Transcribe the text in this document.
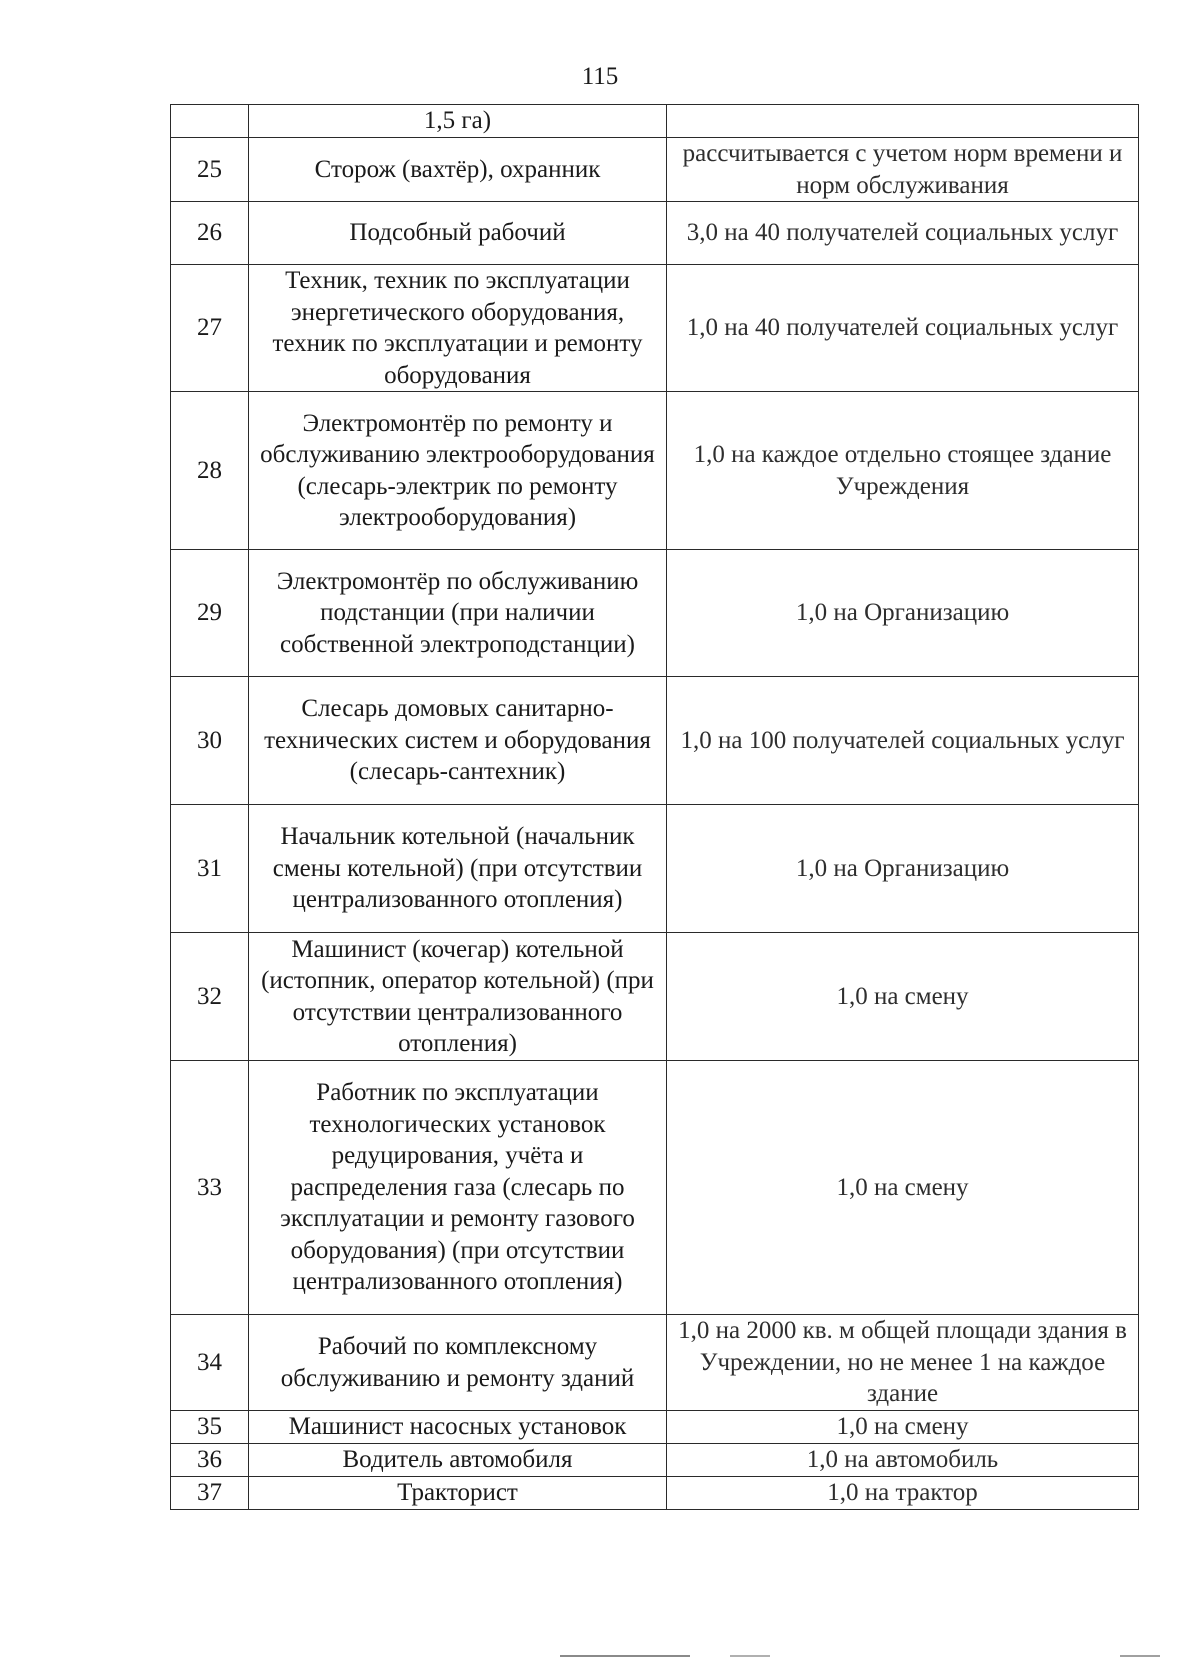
115
	1,5 га)	
25	Сторож (вахтёр), охранник	рассчитывается с учетом норм времени и норм обслуживания
26	Подсобный рабочий	3,0 на 40 получателей социальных услуг
27	Техник, техник по эксплуатации энергетического оборудования, техник по эксплуатации и ремонту оборудования	1,0 на 40 получателей социальных услуг
28	Электромонтёр по ремонту и обслуживанию электрооборудования (слесарь-электрик по ремонту электрооборудования)	1,0 на каждое отдельно стоящее здание Учреждения
29	Электромонтёр по обслуживанию подстанции (при наличии собственной электроподстанции)	1,0 на Организацию
30	Слесарь домовых санитарно-технических систем и оборудования (слесарь-сантехник)	1,0 на 100 получателей социальных услуг
31	Начальник котельной (начальник смены котельной) (при отсутствии централизованного отопления)	1,0 на Организацию
32	Машинист (кочегар) котельной (истопник, оператор котельной) (при отсутствии централизованного отопления)	1,0 на смену
33	Работник по эксплуатации технологических установок редуцирования, учёта и распределения газа (слесарь по эксплуатации и ремонту газового оборудования) (при отсутствии централизованного отопления)	1,0 на смену
34	Рабочий по комплексному обслуживанию и ремонту зданий	1,0 на 2000 кв. м общей площади здания в Учреждении, но не менее 1 на каждое здание
35	Машинист насосных установок	1,0 на смену
36	Водитель автомобиля	1,0 на автомобиль
37	Тракторист	1,0 на трактор
